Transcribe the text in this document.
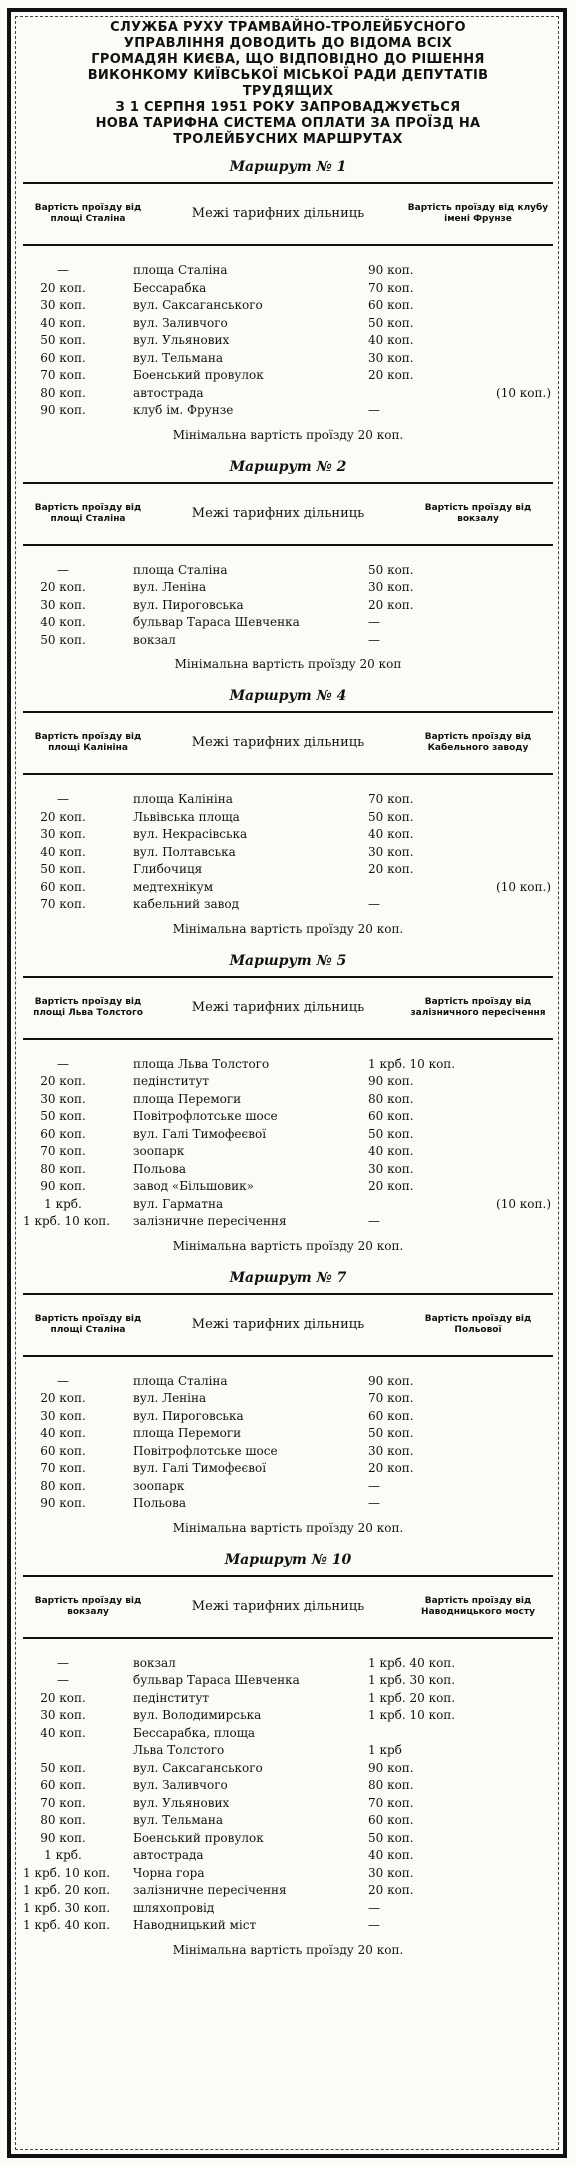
СЛУЖБА РУХУ ТРАМВАЙНО-ТРОЛЕЙБУСНОГО

УПРАВЛІННЯ ДОВОДИТЬ ДО ВІДОМА ВСІХ

ГРОМАДЯН КИЄВА, ЩО ВІДПОВІДНО ДО РІШЕННЯ

ВИКОНКОМУ КИЇВСЬКОЇ МІСЬКОЇ РАДИ ДЕПУТАТІВ

ТРУДЯЩИХ

З 1 СЕРПНЯ 1951 РОКУ ЗАПРОВАДЖУЄТЬСЯ

НОВА ТАРИФНА СИСТЕМА ОПЛАТИ ЗА ПРОЇЗД НА

ТРОЛЕЙБУСНИХ МАРШРУТАХ

Маршрут № 1
Вартість проїзду від площі Сталіна	Межі тарифних дільниць	Вартість проїзду від клубу імені Фрунзе
—	площа Сталіна	90 коп.
20 коп.	Бессарабка	70 коп.
30 коп.	вул. Саксаганського	60 коп.
40 коп.	вул. Заливчого	50 коп.
50 коп.	вул. Ульянових	40 коп.
60 коп.	вул. Тельмана	30 коп.
70 коп.	Боенський провулок	20 коп.
80 коп.	автострада	(10 коп.)
90 коп.	клуб ім. Фрунзе	—
Мінімальна вартість проїзду 20 коп.
Маршрут № 2
Вартість проїзду від площі Сталіна	Межі тарифних дільниць	Вартість проїзду від вокзалу
—	площа Сталіна	50 коп.
20 коп.	вул. Леніна	30 коп.
30 коп.	вул. Пироговська	20 коп.
40 коп.	бульвар Тараса Шевченка	—
50 коп.	вокзал	—
Мінімальна вартість проїзду 20 коп
Маршрут № 4
Вартість проїзду від площі Калініна	Межі тарифних дільниць	Вартість проїзду від Кабельного заводу
—	площа Калініна	70 коп.
20 коп.	Львівська площа	50 коп.
30 коп.	вул. Некрасівська	40 коп.
40 коп.	вул. Полтавська	30 коп.
50 коп.	Глибочиця	20 коп.
60 коп.	медтехнікум	(10 коп.)
70 коп.	кабельний завод	—
Мінімальна вартість проїзду 20 коп.
Маршрут № 5
Вартість проїзду від площі Льва Толстого	Межі тарифних дільниць	Вартість проїзду від залізничного пересічення
—	площа Льва Толстого	1 крб. 10 коп.
20 коп.	педінститут	90 коп.
30 коп.	площа Перемоги	80 коп.
50 коп.	Повітрофлотське шосе	60 коп.
60 коп.	вул. Галі Тимофеєвої	50 коп.
70 коп.	зоопарк	40 коп.
80 коп.	Польова	30 коп.
90 коп.	завод «Більшовик»	20 коп.
1 крб.	вул. Гарматна	(10 коп.)
1 крб. 10 коп.	залізничне пересічення	—
Мінімальна вартість проїзду 20 коп.
Маршрут № 7
Вартість проїзду від площі Сталіна	Межі тарифних дільниць	Вартість проїзду від Польової
—	площа Сталіна	90 коп.
20 коп.	вул. Леніна	70 коп.
30 коп.	вул. Пироговська	60 коп.
40 коп.	площа Перемоги	50 коп.
60 коп.	Повітрофлотське шосе	30 коп.
70 коп.	вул. Галі Тимофеєвої	20 коп.
80 коп.	зоопарк	—
90 коп.	Польова	—
Мінімальна вартість проїзду 20 коп.
Маршрут № 10
Вартість проїзду від вокзалу	Межі тарифних дільниць	Вартість проїзду від Наводницького мосту
—	вокзал	1 крб. 40 коп.
—	бульвар Тараса Шевченка	1 крб. 30 коп.
20 коп.	педінститут	1 крб. 20 коп.
30 коп.	вул. Володимирська	1 крб. 10 коп.
40 коп.	Бессарабка, площа
Льва Толстого	1 крб
50 коп.	вул. Саксаганського	90 коп.
60 коп.	вул. Заливчого	80 коп.
70 коп.	вул. Ульянових	70 коп.
80 коп.	вул. Тельмана	60 коп.
90 коп.	Боенський провулок	50 коп.
1 крб.	автострада	40 коп.
1 крб. 10 коп.	Чорна гора	30 коп.
1 крб. 20 коп.	залізничне пересічення	20 коп.
1 крб. 30 коп.	шляхопровід	—
1 крб. 40 коп.	Наводницький міст	—
Мінімальна вартість проїзду 20 коп.
